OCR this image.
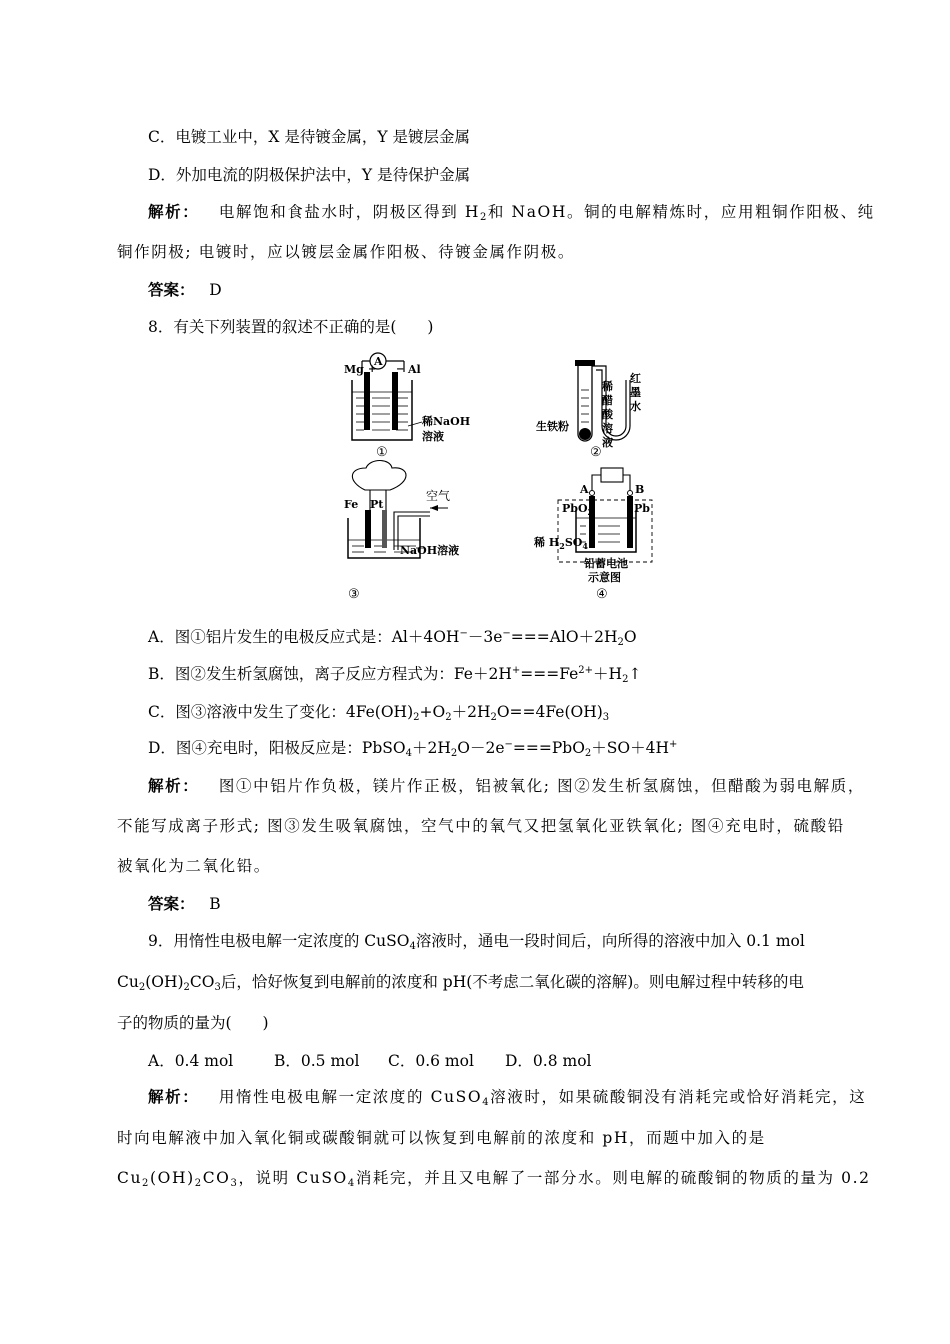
C．电镀工业中，X 是待镀金属，Y 是镀层金属
D．外加电流的阴极保护法中，Y 是待保护金属
解析： 电解饱和食盐水时，阴极区得到 $H_2$和 NaOH。铜的电解精炼时，应用粗铜作阳极、纯
铜作阴极; 电镀时，应以镀层金属作阳极、待镀金属作阴极。
答案： D
8．有关下列装置的叙述不正确的是(　　)
A
Mg + − Al
稀NaOH
溶液
①
稀
醋
酸
溶
液
红
墨
水
生铁粉
②
Fe Pt
空气
NaOH溶液
③
A	B
PbO$_2$	Pb
稀 $H_2SO_4$
铅蓄电池
示意图
④
A．图①铝片发生的电极反应式是：$Al+4OH^--3e^-===AlO+2H_2O$
B．图②发生析氢腐蚀，离子反应方程式为：$Fe+2H^+===Fe^{2+}+H_2↑$
C．图③溶液中发生了变化：$4Fe(OH)_2+O_2+2H_2O==4Fe(OH)_3$
D．图④充电时，阳极反应是：$PbSO_4+2H_2O-2e^-===PbO_2+SO+4H^+$
解析： 图①中铝片作负极，镁片作正极，铝被氧化; 图②发生析氢腐蚀，但醋酸为弱电解质，
不能写成离子形式; 图③发生吸氧腐蚀，空气中的氧气又把氢氧化亚铁氧化; 图④充电时，硫酸铅
被氧化为二氧化铅。
答案： B
9．用惰性电极电解一定浓度的 CuSO$_4$溶液时，通电一段时间后，向所得的溶液中加入 0.1 mol
$Cu_2(OH)_2CO_3$后，恰好恢复到电解前的浓度和 pH(不考虑二氧化碳的溶解)。则电解过程中转移的电
子的物质的量为(　　)
A．0.4 mol	B．0.5 mol C．0.6 mol D．0.8 mol
解析： 用惰性电极电解一定浓度的 CuSO$_4$溶液时，如果硫酸铜没有消耗完或恰好消耗完，这
时向电解液中加入氧化铜或碳酸铜就可以恢复到电解前的浓度和 pH，而题中加入的是
$Cu_2(OH)_2CO_3$，说明 CuSO$_4$消耗完，并且又电解了一部分水。则电解的硫酸铜的物质的量为 0.2
